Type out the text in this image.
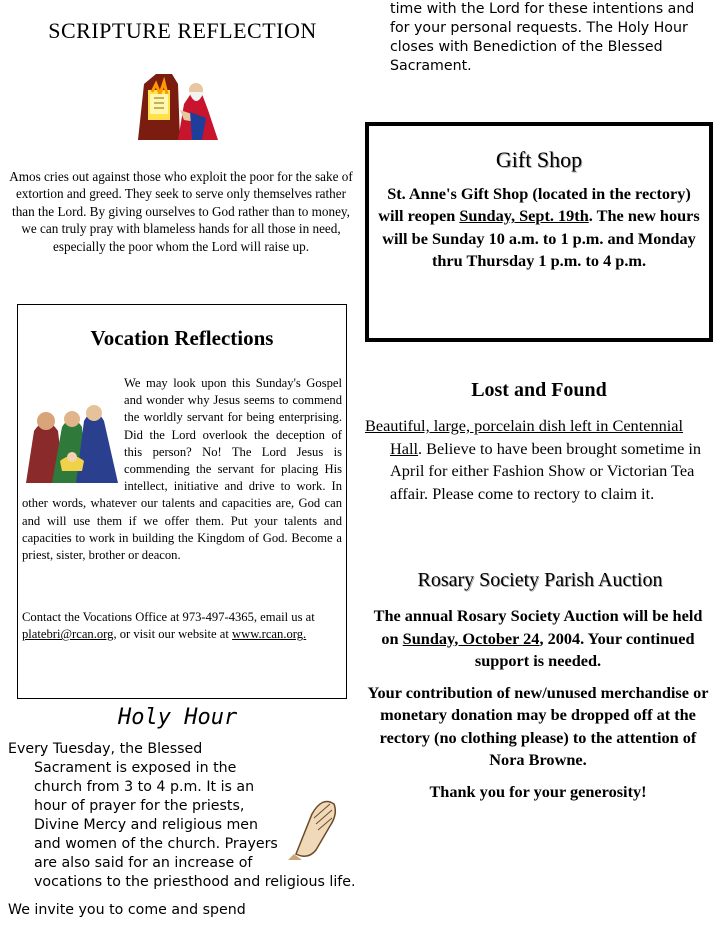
SCRIPTURE REFLECTION
Amos cries out against those who exploit the poor for the sake of extortion and greed. They seek to serve only themselves rather than the Lord. By giving ourselves to God rather than to money, we can truly pray with blameless hands for all those in need, especially the poor whom the Lord will raise up.
Vocation Reflections
We may look upon this Sunday's Gospel and wonder why Jesus seems to commend the worldly servant for being enterprising. Did the Lord overlook the deception of this person? No! The Lord Jesus is commending the servant for placing His intellect, initiative and drive to work. In other words, whatever our talents and capacities are, God can and will use them if we offer them. Put your talents and capacities to work in building the Kingdom of God. Become a priest, sister, brother or deacon.
Contact the Vocations Office at 973-497-4365, email us at platebri@rcan.org, or visit our website at www.rcan.org.
Holy Hour

Every Tuesday, the Blessed Sacrament is exposed in the church from 3 to 4 p.m. It is an hour of prayer for the priests, Divine Mercy and religious men and women of the church. Prayers are also said for an increase of vocations to the priesthood and religious life.

We invite you to come and spend

time with the Lord for these intentions and for your personal requests. The Holy Hour closes with Benediction of the Blessed Sacrament.

Gift Shop
St. Anne's Gift Shop (located in the rectory) will reopen Sunday, Sept. 19th. The new hours will be Sunday 10 a.m. to 1 p.m. and Monday thru Thursday 1 p.m. to 4 p.m.
Lost and Found

Beautiful, large, porcelain dish left in Centennial Hall. Believe to have been brought sometime in April for either Fashion Show or Victorian Tea affair. Please come to rectory to claim it.

Rosary Society Parish Auction

The annual Rosary Society Auction will be held on Sunday, October 24, 2004. Your continued support is needed.

Your contribution of new/unused merchandise or monetary donation may be dropped off at the rectory (no clothing please) to the attention of Nora Browne.

Thank you for your generosity!
